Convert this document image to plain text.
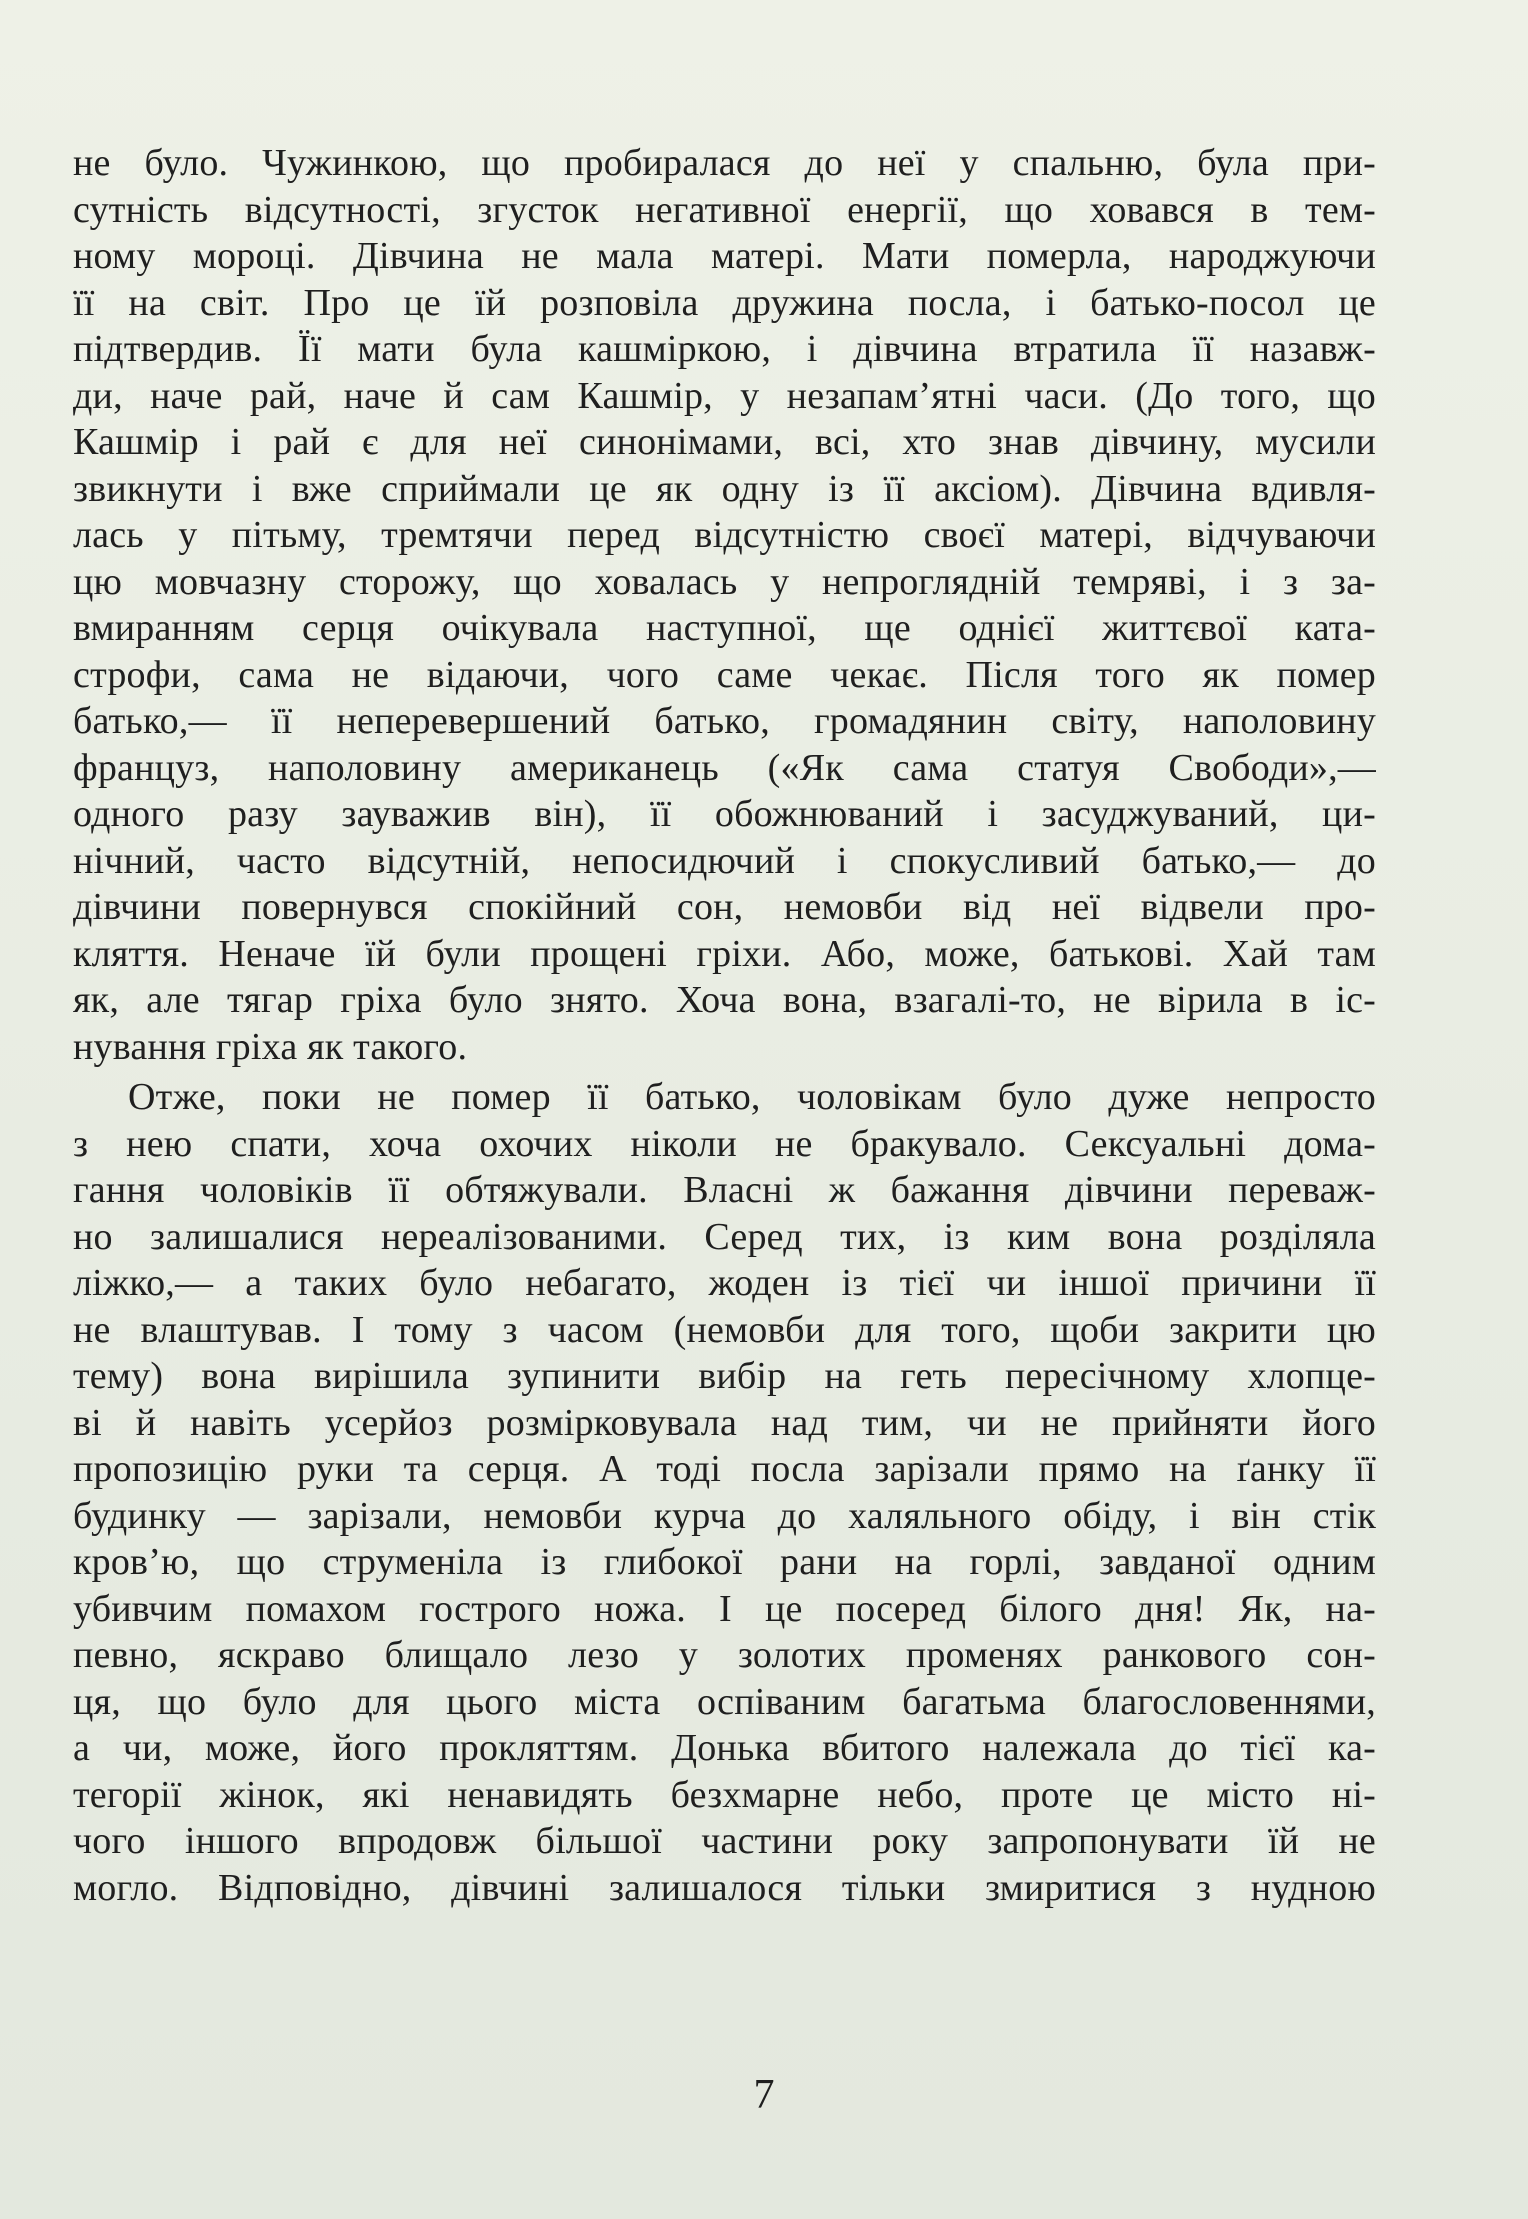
не було. Чужинкою, що пробиралася до неї у спальню, була при-
сутність відсутності, згусток негативної енергії, що ховався в тем-
ному мороці. Дівчина не мала матері. Мати померла, народжуючи
її на світ. Про це їй розповіла дружина посла, і батько-посол це
підтвердив. Її мати була кашміркою, і дівчина втратила її назавж-
ди, наче рай, наче й сам Кашмір, у незапам’ятні часи. (До того, що
Кашмір і рай є для неї синонімами, всі, хто знав дівчину, мусили
звикнути і вже сприймали це як одну із її аксіом). Дівчина вдивля-
лась у пітьму, тремтячи перед відсутністю своєї матері, відчуваючи
цю мовчазну сторожу, що ховалась у непроглядній темряві, і з за-
вмиранням серця очікувала наступної, ще однієї життєвої ката-
строфи, сама не відаючи, чого саме чекає. Після того як помер
батько,— її неперевершений батько, громадянин світу, наполовину
француз, наполовину американець («Як сама статуя Свободи»,—
одного разу зауважив він), її обожнюваний і засуджуваний, ци-
нічний, часто відсутній, непосидючий і спокусливий батько,— до
дівчини повернувся спокійний сон, немовби від неї відвели про-
кляття. Неначе їй були прощені гріхи. Або, може, батькові. Хай там
як, але тягар гріха було знято. Хоча вона, взагалі-то, не вірила в іс-
нування гріха як такого.
Отже, поки не помер її батько, чоловікам було дуже непросто
з нею спати, хоча охочих ніколи не бракувало. Сексуальні дома-
гання чоловіків її обтяжували. Власні ж бажання дівчини переваж-
но залишалися нереалізованими. Серед тих, із ким вона розділяла
ліжко,— а таких було небагато, жоден із тієї чи іншої причини її
не влаштував. І тому з часом (немовби для того, щоби закрити цю
тему) вона вирішила зупинити вибір на геть пересічному хлопце-
ві й навіть усерйоз розмірковувала над тим, чи не прийняти його
пропозицію руки та серця. А тоді посла зарізали прямо на ґанку її
будинку — зарізали, немовби курча до халяльного обіду, і він стік
кров’ю, що струменіла із глибокої рани на горлі, завданої одним
убивчим помахом гострого ножа. І це посеред білого дня! Як, на-
певно, яскраво блищало лезо у золотих променях ранкового сон-
ця, що було для цього міста оспіваним багатьма благословеннями,
а чи, може, його прокляттям. Донька вбитого належала до тієї ка-
тегорії жінок, які ненавидять безхмарне небо, проте це місто ні-
чого іншого впродовж більшої частини року запропонувати їй не
могло. Відповідно, дівчині залишалося тільки змиритися з нудною
7
